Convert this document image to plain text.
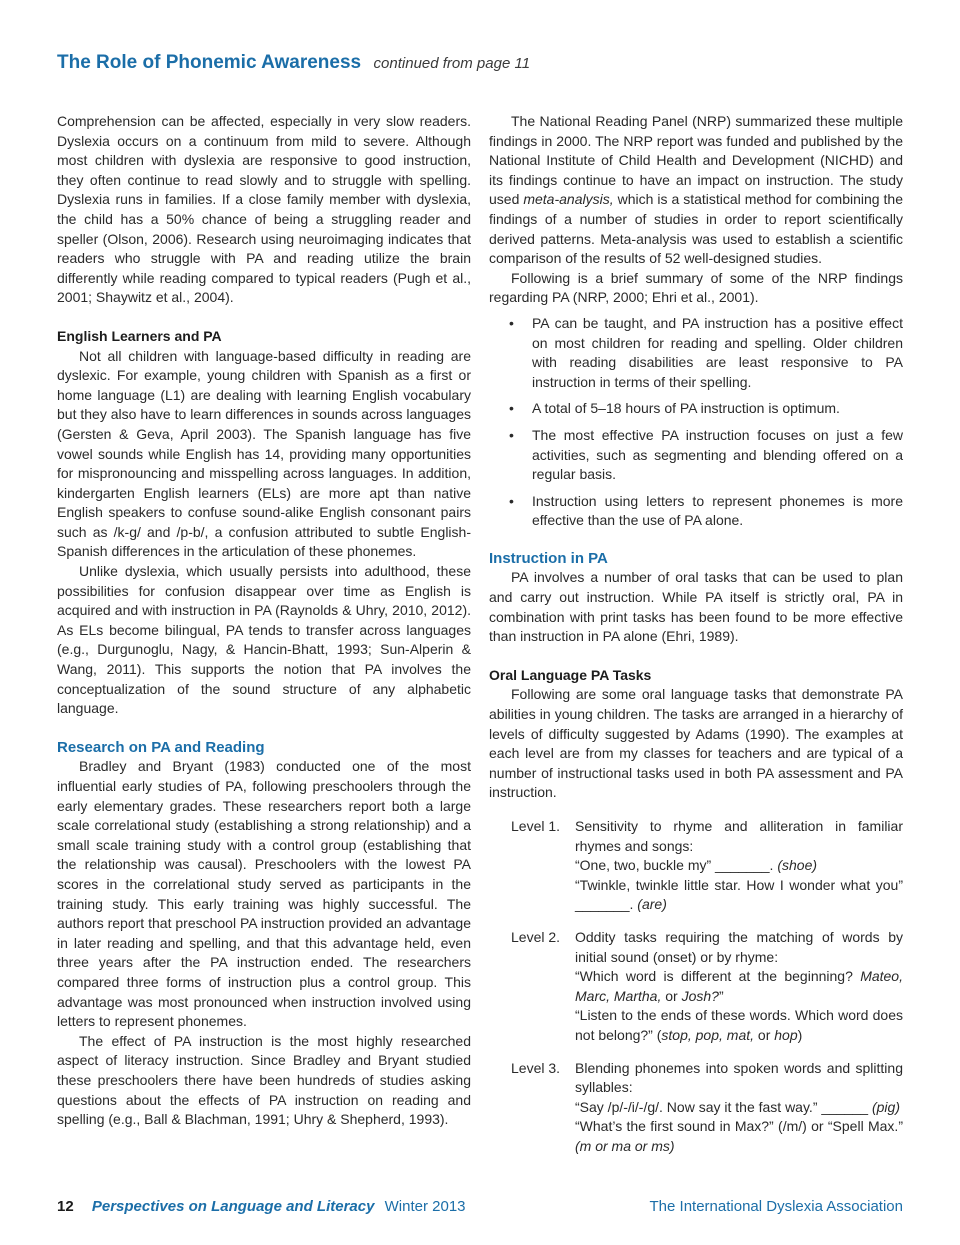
The Role of Phonemic Awareness continued from page 11

Comprehension can be affected, especially in very slow readers. Dyslexia occurs on a continuum from mild to severe. Although most children with dyslexia are responsive to good instruction, they often continue to read slowly and to struggle with spelling. Dyslexia runs in families. If a close family member with dyslexia, the child has a 50% chance of being a struggling reader and speller (Olson, 2006). Research using neuroimaging indicates that readers who struggle with PA and reading utilize the brain differently while reading compared to typical readers (Pugh et al., 2001; Shaywitz et al., 2004).

English Learners and PA

Not all children with language-based difficulty in reading are dyslexic. For example, young children with Spanish as a first or home language (L1) are dealing with learning English vocabulary but they also have to learn differences in sounds across languages (Gersten & Geva, April 2003). The Spanish language has five vowel sounds while English has 14, providing many opportunities for mispronouncing and misspelling across languages. In addition, kindergarten English learners (ELs) are more apt than native English speakers to confuse sound-alike English consonant pairs such as /k-g/ and /p-b/, a confusion attributed to subtle English-Spanish differences in the articulation of these phonemes.

Unlike dyslexia, which usually persists into adulthood, these possibilities for confusion disappear over time as English is acquired and with instruction in PA (Raynolds & Uhry, 2010, 2012). As ELs become bilingual, PA tends to transfer across languages (e.g., Durgunoglu, Nagy, & Hancin-Bhatt, 1993; Sun-Alperin & Wang, 2011). This supports the notion that PA involves the conceptualization of the sound structure of any alphabetic language.

Research on PA and Reading

Bradley and Bryant (1983) conducted one of the most influential early studies of PA, following preschoolers through the early elementary grades. These researchers report both a large scale correlational study (establishing a strong relationship) and a small scale training study with a control group (establishing that the relationship was causal). Preschoolers with the lowest PA scores in the correlational study served as participants in the training study. This early training was highly successful. The authors report that preschool PA instruction provided an advantage in later reading and spelling, and that this advantage held, even three years after the PA instruction ended. The researchers compared three forms of instruction plus a control group. This advantage was most pronounced when instruction involved using letters to represent phonemes.

The effect of PA instruction is the most highly researched aspect of literacy instruction. Since Bradley and Bryant studied these preschoolers there have been hundreds of studies asking questions about the effects of PA instruction on reading and spelling (e.g., Ball & Blachman, 1991; Uhry & Shepherd, 1993).

The National Reading Panel (NRP) summarized these multiple findings in 2000. The NRP report was funded and published by the National Institute of Child Health and Development (NICHD) and its findings continue to have an impact on instruction. The study used meta-analysis, which is a statistical method for combining the findings of a number of studies in order to report scientifically derived patterns. Meta-analysis was used to establish a scientific comparison of the results of 52 well-designed studies.

Following is a brief summary of some of the NRP findings regarding PA (NRP, 2000; Ehri et al., 2001).

• PA can be taught, and PA instruction has a positive effect on most children for reading and spelling. Older children with reading disabilities are least responsive to PA instruction in terms of their spelling.
• A total of 5–18 hours of PA instruction is optimum.
• The most effective PA instruction focuses on just a few activities, such as segmenting and blending offered on a regular basis.
• Instruction using letters to represent phonemes is more effective than the use of PA alone.
Instruction in PA

PA involves a number of oral tasks that can be used to plan and carry out instruction. While PA itself is strictly oral, PA in combination with print tasks has been found to be more effective than instruction in PA alone (Ehri, 1989).

Oral Language PA Tasks

Following are some oral language tasks that demonstrate PA abilities in young children. The tasks are arranged in a hierarchy of levels of difficulty suggested by Adams (1990). The examples at each level are from my classes for teachers and are typical of a number of instructional tasks used in both PA assessment and PA instruction.

Level 1.	Sensitivity to rhyme and alliteration in familiar rhymes and songs:

“One, two, buckle my” _______. (shoe)

“Twinkle, twinkle little star. How I wonder what you” _______. (are)

Level 2.	Oddity tasks requiring the matching of words by initial sound (onset) or by rhyme:

“Which word is different at the beginning? Mateo, Marc, Martha, or Josh?”

“Listen to the ends of these words. Which word does not belong?” (stop, pop, mat, or hop)

Level 3.	Blending phonemes into spoken words and splitting syllables:

“Say /p/-/i/-/g/. Now say it the fast way.” ______ (pig)

“What’s the first sound in Max?” (/m/) or “Spell Max.” (m or ma or ms)

12 Perspectives on Language and Literacy Winter 2013	The International Dyslexia Association
